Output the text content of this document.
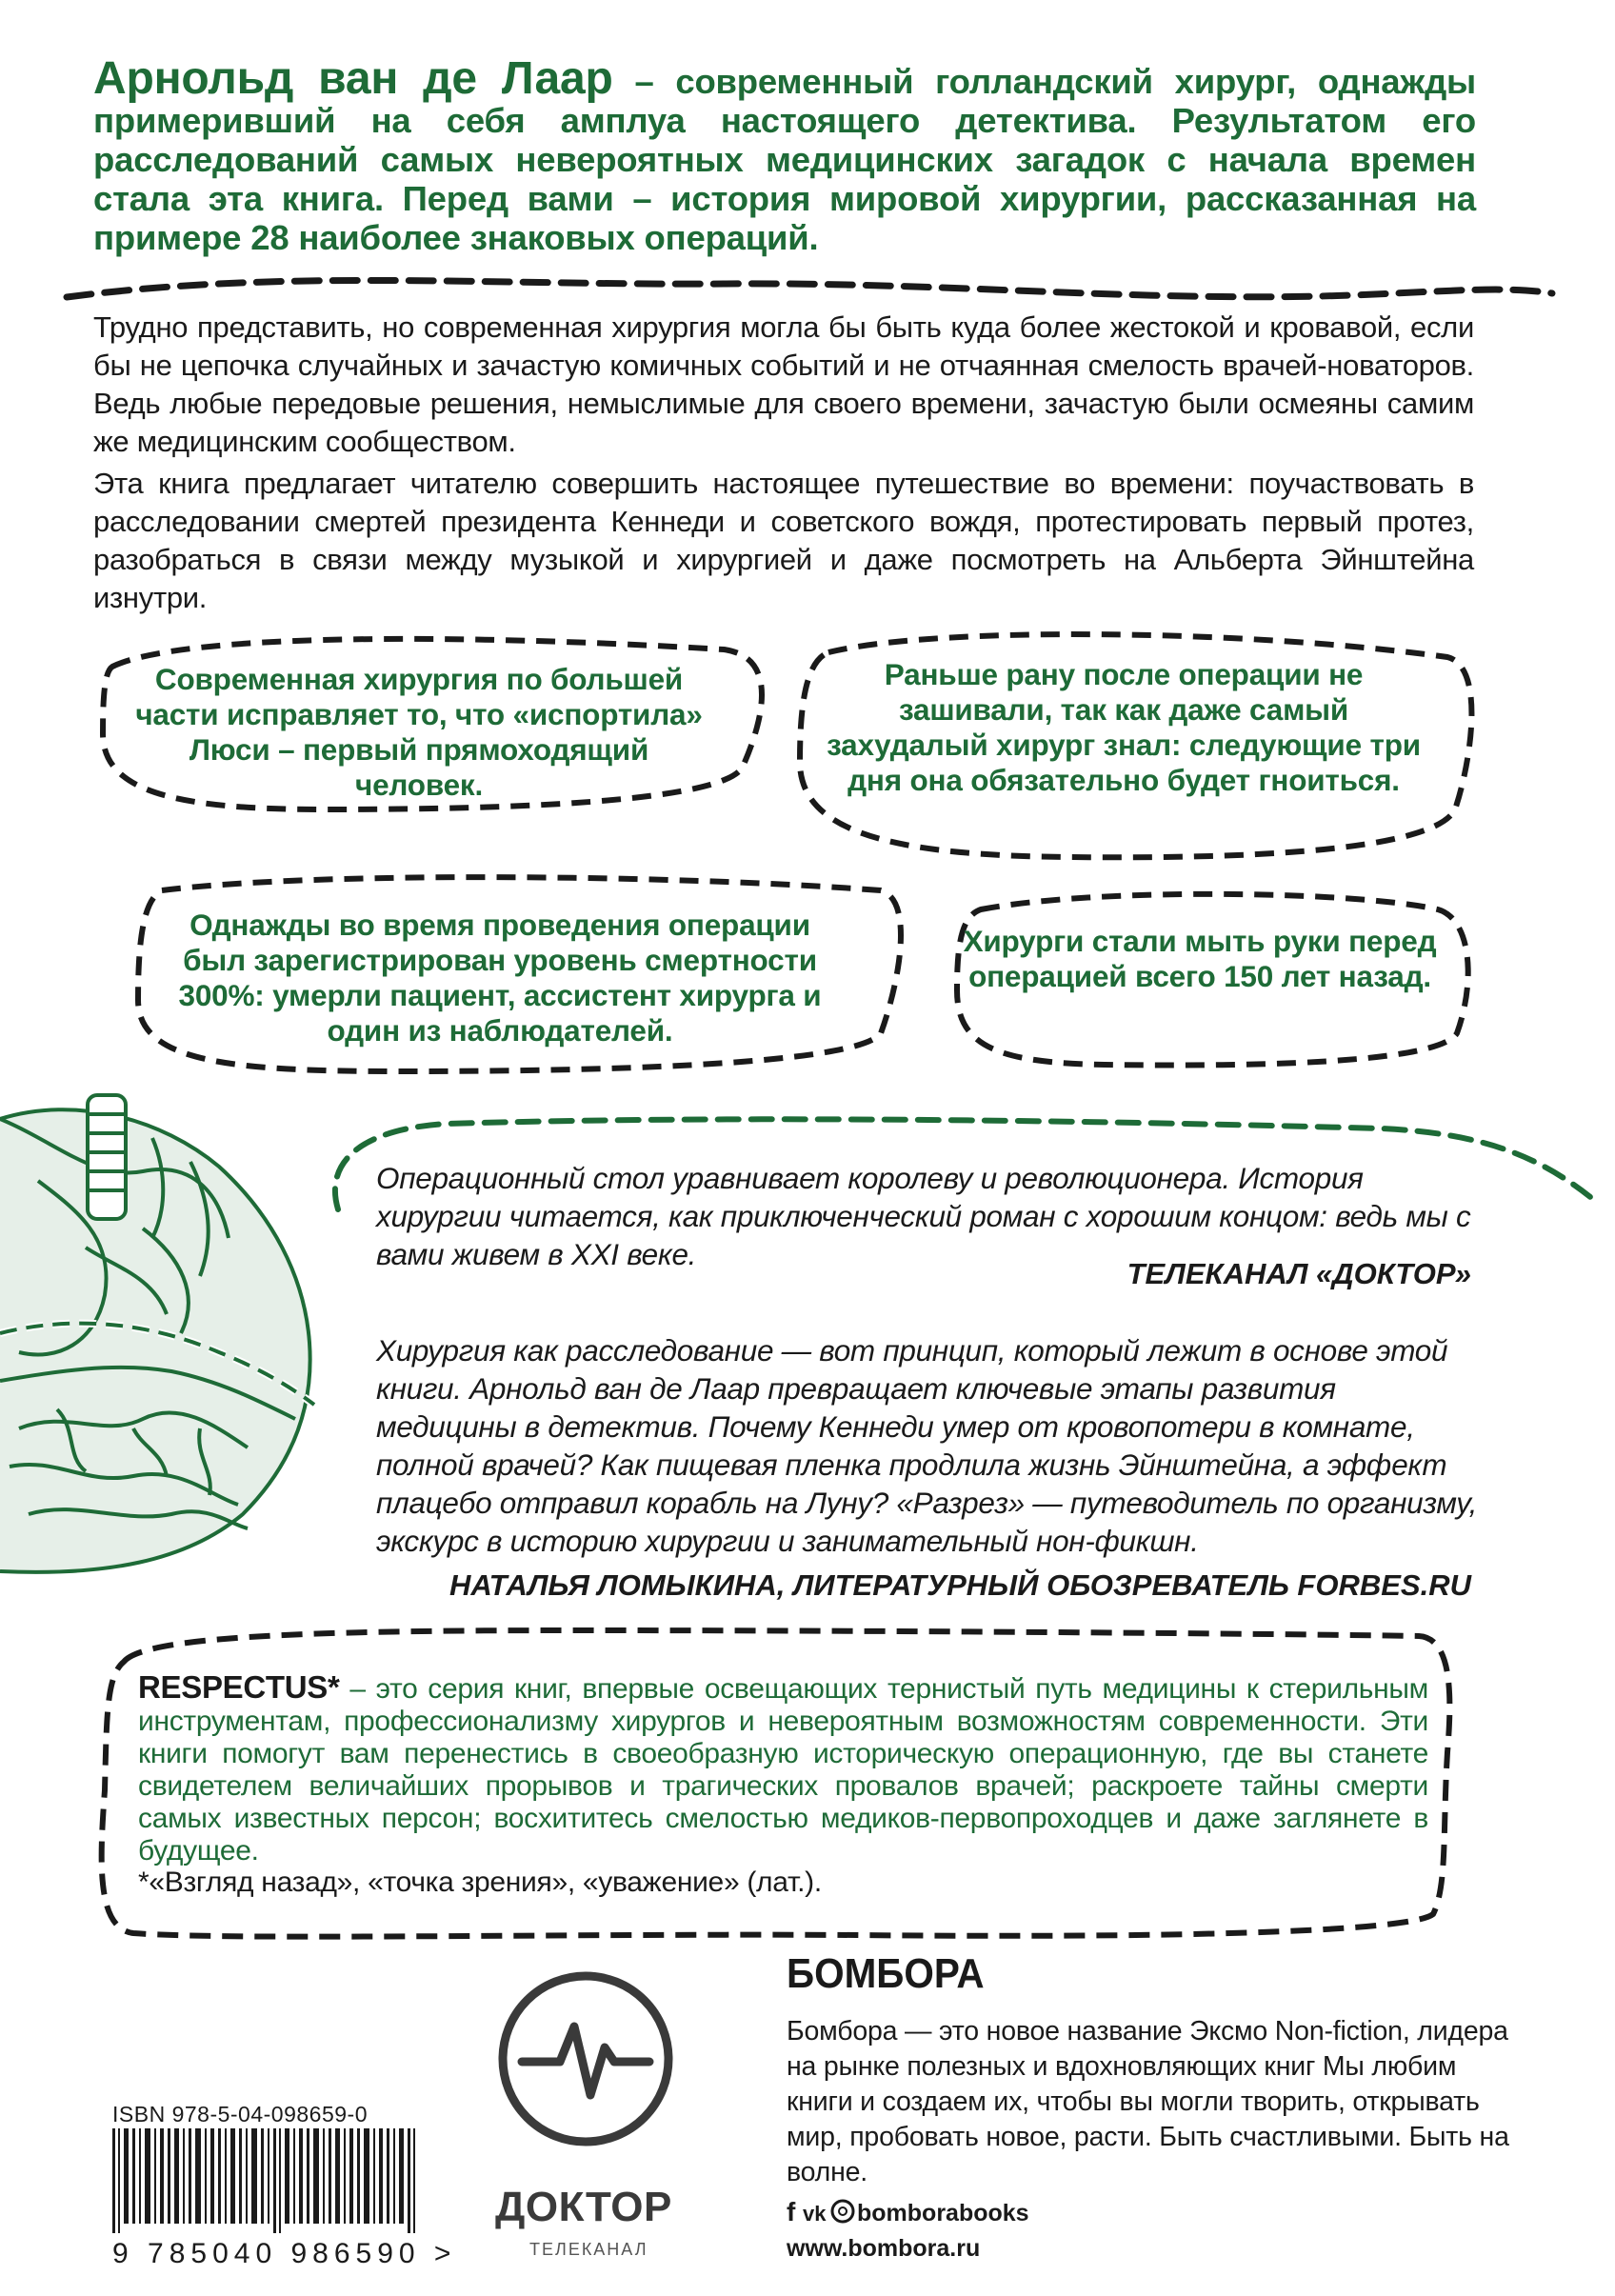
f vk
Арнольд ван де Лаар – современный голландский хирург, однажды примеривший на себя амплуа настоящего детектива. Результатом его расследований самых невероятных медицинских загадок с начала времен стала эта книга. Перед вами – история мировой хирургии, рассказанная на примере 28 наиболее знаковых операций.
Трудно представить, но современная хирургия могла бы быть куда более жестокой и кровавой, если бы не цепочка случайных и зачастую комичных событий и не отчаянная смелость врачей-новаторов. Ведь любые передовые решения, немыслимые для своего времени, зачастую были осмеяны самим же медицинским сообществом.
Эта книга предлагает читателю совершить настоящее путешествие во времени: поучаствовать в расследовании смертей президента Кеннеди и советского вождя, протестировать первый протез, разобраться в связи между музыкой и хирургией и даже посмотреть на Альберта Эйнштейна изнутри.
Современная хирургия по большей части исправляет то, что «испортила» Люси – первый прямоходящий человек.
Раньше рану после операции не зашивали, так как даже самый захудалый хирург знал: следующие три дня она обязательно будет гноиться.
Однажды во время проведения операции был зарегистрирован уровень смертности 300%: умерли пациент, ассистент хирурга и один из наблюдателей.
Хирурги стали мыть руки перед операцией всего 150 лет назад.
Операционный стол уравнивает королеву и революционера. История хирургии читается, как приключенческий роман с хорошим концом: ведь мы с вами живем в XXI веке.
ТЕЛЕКАНАЛ «ДОКТОР»
Хирургия как расследование — вот принцип, который лежит в основе этой книги. Арнольд ван де Лаар превращает ключевые этапы развития медицины в детектив. Почему Кеннеди умер от кровопотери в комнате, полной врачей? Как пищевая пленка продлила жизнь Эйнштейна, а эффект плацебо отправил корабль на Луну? «Разрез» — путеводитель по организму, экскурс в историю хирургии и занимательный нон-фикшн.
НАТАЛЬЯ ЛОМЫКИНА, ЛИТЕРАТУРНЫЙ ОБОЗРЕВАТЕЛЬ FORBES.RU
RESPECTUS* – это серия книг, впервые освещающих тернистый путь медицины к стерильным инструментам, профессионализму хирургов и невероятным возможностям современности. Эти книги помогут вам перенестись в своеобразную историческую операционную, где вы станете свидетелем величайших прорывов и трагических провалов врачей; раскроете тайны смерти самых известных персон; восхититесь смелостью медиков-первопроходцев и даже заглянете в будущее.
*«Взгляд назад», «точка зрения», «уважение» (лат.).
ISBN 978-5-04-098659-0
9 785040 986590 >
ДОКТОР
ТЕЛЕКАНАЛ
БОМБОРА
Бомбора — это новое название Эксмо Non-fiction, лидера на рынке полезных и вдохновляющих книг Мы любим книги и создаем их, чтобы вы могли творить, открывать мир, пробовать новое, расти. Быть счастливыми. Быть на волне.
bomborabooks
www.bombora.ru
